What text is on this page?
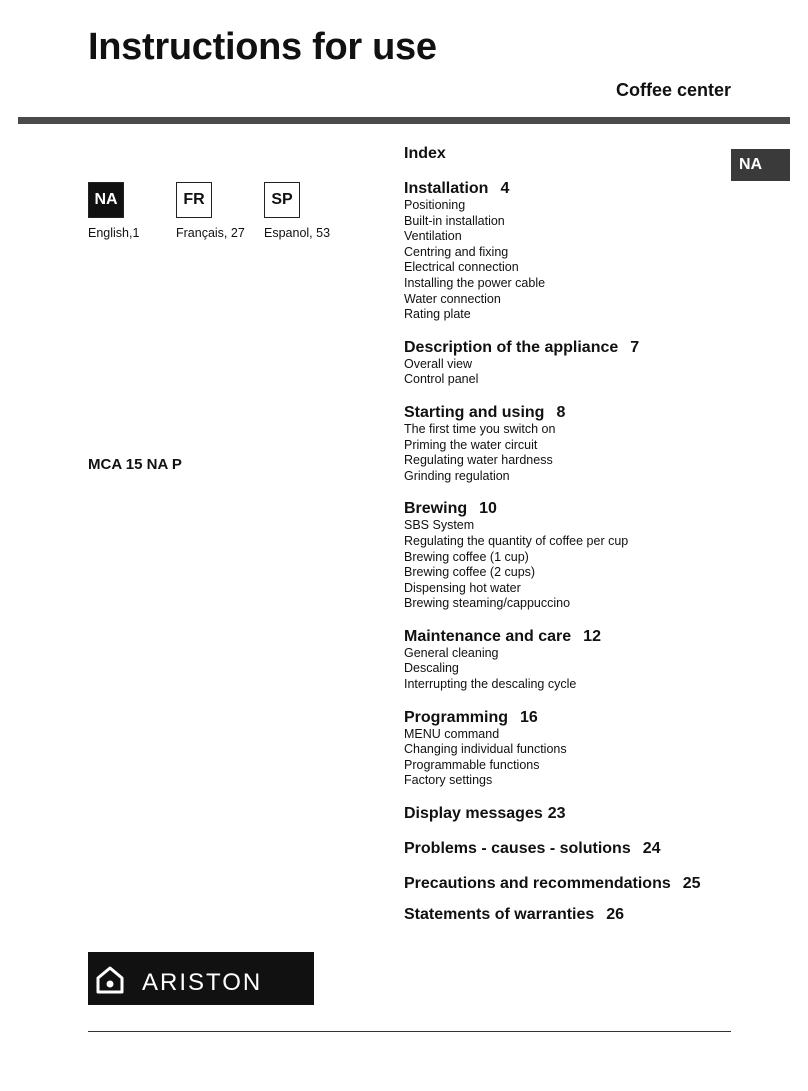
Instructions for use
Coffee center
NA
NA
English,1
FR
Français, 27
SP
Espanol, 53
MCA 15 NA P
Index
Installation 4
Positioning
Built-in installation
Ventilation
Centring and fixing
Electrical connection
Installing the power cable
Water connection
Rating plate
Description of the appliance 7
Overall view
Control panel
Starting and using 8
The first time you switch on
Priming the water circuit
Regulating water hardness
Grinding regulation
Brewing 10
SBS System
Regulating the quantity of coffee per cup
Brewing coffee (1 cup)
Brewing coffee (2 cups)
Dispensing hot water
Brewing steaming/cappuccino
Maintenance and care 12
General cleaning
Descaling
Interrupting the descaling cycle
Programming 16
MENU command
Changing individual functions
Programmable functions
Factory settings
Display messages 23
Problems - causes - solutions 24
Precautions and recommendations 25
Statements of warranties 26
ARISTON
